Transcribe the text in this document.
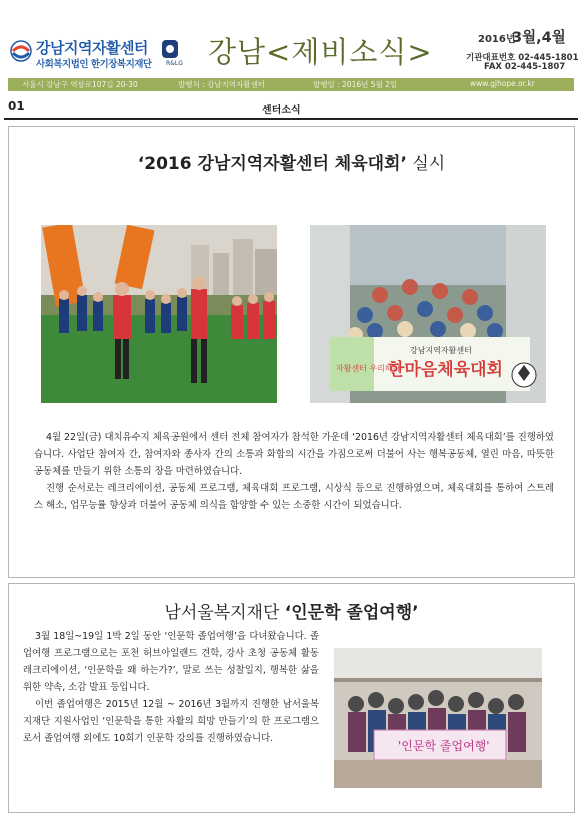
강남지역자활센터
사회복지법인 한기장복지재단 R&LG 강남<제비소식>	2016년
3월,4월
기관대표번호 02-445-1801
FAX 02-445-1807
서울시 강남구 역삼로107길 20-30	발행처 : 강남지역자활센터	발행일 : 2016년 5월 2일	www.gjhope.or.kr
01	센터소식
‘2016 강남지역자활센터 체육대회’ 실시
자활센터 우리하나
강남지역자활센터
한마음체육대회

4월 22일(금) 대치유수지 체육공원에서 센터 전체 참여자가 참석한 가운데 ‘2016년 강남지역자활센터 체육대회’를 진행하였습니다. 사업단 참여자 간, 참여자와 종사자 간의 소통과 화합의 시간을 가짐으로써 더불어 사는 행복공동체, 열린 마음, 따뜻한 공동체를 만들기 위한 소통의 장을 마련하였습니다.

진행 순서로는 레크리에이션, 공동체 프로그램, 체육대회 프로그램, 시상식 등으로 진행하였으며, 체육대회를 통하여 스트레스 해소, 업무능률 향상과 더불어 공동체 의식을 함양할 수 있는 소중한 시간이 되었습니다.

남서울복지재단 ‘인문학 졸업여행’

3월 18일~19일 1박 2일 동안 ‘인문학 졸업여행’을 다녀왔습니다. 졸업여행 프로그램으로는 포천 허브아일랜드 견학, 강사 초청 공동체 활동 레크리에이션, ‘인문학을 왜 하는가?’, 말로 쓰는 성찰일지, 행복한 삶을 위한 약속, 소감 발표 등입니다.

이번 졸업여행은 2015년 12월 ~ 2016년 3월까지 진행한 남서울복지재단 지원사업인 ‘인문학을 통한 자활의 희망 만들기’의 한 프로그램으로서 졸업여행 외에도 10회기 인문학 강의를 진행하였습니다.

'인문학 졸업여행'
